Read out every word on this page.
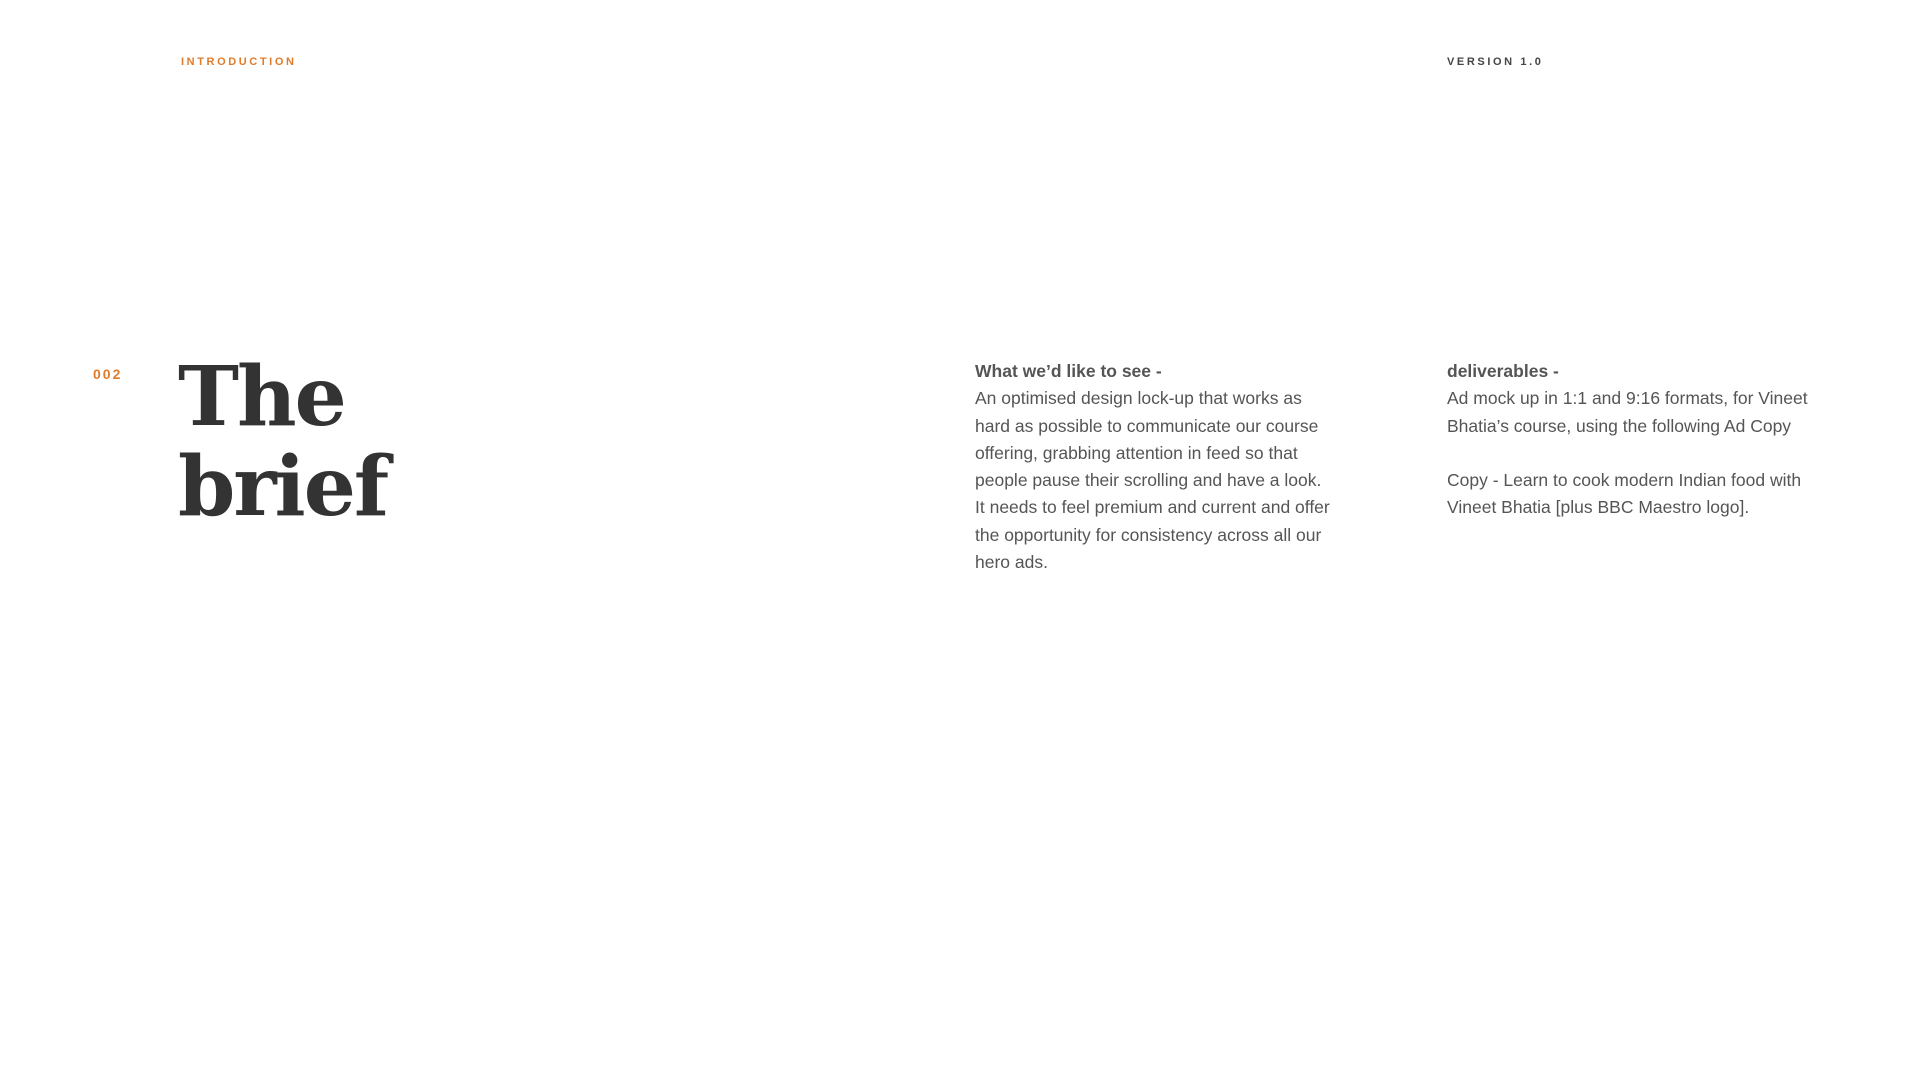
INTRODUCTION	VERSION 1.0
002 The
brief
What we’d like to see -

An optimised design lock-up that works as hard as possible to communicate our course offering, grabbing attention in feed so that people pause their scrolling and have a look. It needs to feel premium and current and offer the opportunity for consistency across all our hero ads.

deliverables -

Ad mock up in 1:1 and 9:16 formats, for Vineet Bhatia’s course, using the following Ad Copy

Copy - Learn to cook modern Indian food with Vineet Bhatia [plus BBC Maestro logo].
